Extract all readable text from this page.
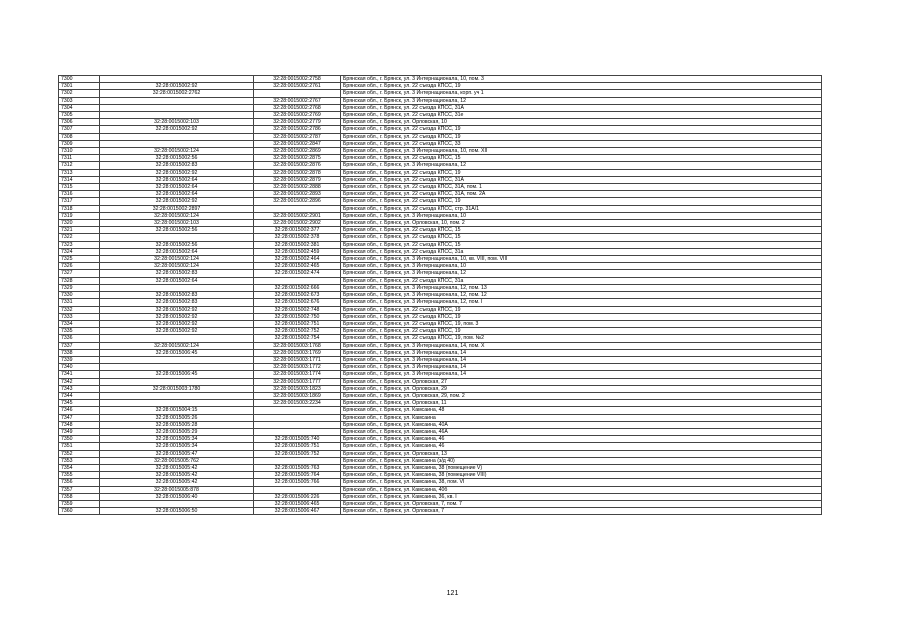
7300		32:28:0015002:2758	Брянская обл., г. Брянск, ул. 3 Интернационала, 10, пом. 3
7301	32:28:0015002:92	32:28:0015002:2761	Брянская обл., г. Брянск, ул. 22 съезда КПСС, 19
7302	32:28:0015002:2762		Брянская обл., г. Брянск, ул. 3 Интернационала, корп. уч 1
7303		32:28:0015002:2767	Брянская обл., г. Брянск, ул. 3 Интернационала, 12
7304		32:28:0015002:2768	Брянская обл., г. Брянск, ул. 22 съезда КПСС, 31А
7305		32:28:0015002:2769	Брянская обл., г. Брянск, ул. 22 съезда КПСС, 31е
7306	32:28:0015002:103	32:28:0015002:2779	Брянская обл., г. Брянск, ул. Орловская, 10
7307	32:28:0015002:92	32:28:0015002:2786	Брянская обл., г. Брянск, ул. 22 съезда КПСС, 19
7308		32:28:0015002:2787	Брянская обл., г. Брянск, ул. 22 съезда КПСС, 19
7309		32:28:0015002:2847	Брянская обл., г. Брянск, ул. 22 съезда КПСС, 33
7310	32:28:0015002:124	32:28:0015002:2869	Брянская обл., г. Брянск, ул. 3 Интернационала, 10, пом. XII
7311	32:28:0015002:56	32:28:0015002:2875	Брянская обл., г. Брянск, ул. 22 съезда КПСС, 15
7312	32:28:0015002:83	32:28:0015002:2876	Брянская обл., г. Брянск, ул. 3 Интернационала, 12
7313	32:28:0015002:92	32:28:0015002:2878	Брянская обл., г. Брянск, ул. 22 съезда КПСС, 19
7314	32:28:0015002:64	32:28:0015002:2879	Брянская обл., г. Брянск, ул. 22 съезда КПСС, 31А
7315	32:28:0015002:64	32:28:0015002:2888	Брянская обл., г. Брянск, ул. 22 съезда КПСС, 31А, пом. 1
7316	32:28:0015002:64	32:28:0015002:2893	Брянская обл., г. Брянск, ул. 22 съезда КПСС, 31А, пом. 2А
7317	32:28:0015002:92	32:28:0015002:2896	Брянская обл., г. Брянск, ул. 22 съезда КПСС, 19
7318	32:28:0015002:2897		Брянская обл., г. Брянск, ул. 22 съезда КПСС, стр. 31А/1
7319	32:28:0015002:124	32:28:0015002:2901	Брянская обл., г. Брянск, ул. 3 Интернационала, 10
7320	32:28:0015002:103	32:28:0015002:2902	Брянская обл., г. Брянск, ул. Орловская, 10, пом. 2
7321	32:28:0015002:56	32:28:0015002:377	Брянская обл., г. Брянск, ул. 22 съезда КПСС, 15
7322		32:28:0015002:378	Брянская обл., г. Брянск, ул. 22 съезда КПСС, 15
7323	32:28:0015002:56	32:28:0015002:381	Брянская обл., г. Брянск, ул. 22 съезда КПСС, 15
7324	32:28:0015002:64	32:28:0015002:459	Брянская обл., г. Брянск, ул. 22 съезда КПСС, 31а
7325	32:28:0015002:124	32:28:0015002:464	Брянская обл., г. Брянск, ул. 3 Интернационала, 10, кв. VIII, пом. VIII
7326	32:28:0015002:124	32:28:0015002:465	Брянская обл., г. Брянск, ул. 3 Интернационала, 10
7327	32:28:0015002:83	32:28:0015002:474	Брянская обл., г. Брянск, ул. 3 Интернационала, 12
7328	32:28:0015002:64		Брянская обл., г. Брянск, ул. 22 съезда КПСС, 31а
7329		32:28:0015002:666	Брянская обл., г. Брянск, ул. 3 Интернационала, 12, пом. 13
7330	32:28:0015002:83	32:28:0015002:673	Брянская обл., г. Брянск, ул. 3 Интернационала, 12, пом. 12
7331	32:28:0015002:83	32:28:0015002:676	Брянская обл., г. Брянск, ул. 3 Интернационала, 12, пом. I
7332	32:28:0015002:92	32:28:0015002:748	Брянская обл., г. Брянск, ул. 22 съезда КПСС, 19
7333	32:28:0015002:92	32:28:0015002:750	Брянская обл., г. Брянск, ул. 22 съезда КПСС, 19
7334	32:28:0015002:92	32:28:0015002:751	Брянская обл., г. Брянск, ул. 22 съезда КПСС, 19, пом. 3
7335	32:28:0015002:92	32:28:0015002:752	Брянская обл., г. Брянск, ул. 22 съезда КПСС, 19
7336		32:28:0015002:754	Брянская обл., г. Брянск, ул. 22 съезда КПСС, 19, пом. №2
7337	32:28:0015002:124	32:28:0015003:1768	Брянская обл., г. Брянск, ул. 3 Интернационала, 14, пом. X
7338	32:28:0015006:45	32:28:0015003:1769	Брянская обл., г. Брянск, ул. 3 Интернационала, 14
7339		32:28:0015003:1771	Брянская обл., г. Брянск, ул. 3 Интернационала, 14
7340		32:28:0015003:1772	Брянская обл., г. Брянск, ул. 3 Интернационала, 14
7341	32:28:0015006:45	32:28:0015003:1774	Брянская обл., г. Брянск, ул. 3 Интернационала, 14
7342		32:28:0015003:1777	Брянская обл., г. Брянск, ул. Орловская, 27
7343	32:28:0015003:1780	32:28:0015003:1823	Брянская обл., г. Брянск, ул. Орловская, 29
7344		32:28:0015003:1869	Брянская обл., г. Брянск, ул. Орловская, 29, пом. 2
7345		32:28:0015003:2234	Брянская обл., г. Брянск, ул. Орловская, 11
7346	32:28:0015004:15		Брянская обл., г. Брянск, ул. Камсаина, 48
7347	32:28:0015005:26		Брянская обл., г. Брянск, ул. Камсаина
7348	32:28:0015005:28		Брянская обл., г. Брянск, ул. Камсаина, 40А
7349	32:28:0015005:29		Брянская обл., г. Брянск, ул. Камсаина, 46А
7350	32:28:0015005:34	32:28:0015005:740	Брянская обл., г. Брянск, ул. Камсаина, 46
7351	32:28:0015005:34	32:28:0015005:751	Брянская обл., г. Брянск, ул. Камсаина, 46
7352	32:28:0015005:47	32:28:0015005:752	Брянская обл., г. Брянск, ул. Орловская, 13
7353	32:28:0015005:762		Брянская обл., г. Брянск, ул. Камсаина (з/д 40)
7354	32:28:0015005:42	32:28:0015005:763	Брянская обл., г. Брянск, ул. Камсаина, 38 (помещение V)
7355	32:28:0015005:42	32:28:0015005:764	Брянская обл., г. Брянск, ул. Камсаина, 38 (помещение VIII)
7356	32:28:0015005:42	32:28:0015005:766	Брянская обл., г. Брянск, ул. Камсаина, 38, пом. VI
7357	32:28:0015005:878		Брянская обл., г. Брянск, ул. Камсаина, 40б
7358	32:28:0015006:40	32:28:0015006:226	Брянская обл., г. Брянск, ул. Камсаина, 36, кв. I
7359		32:28:0015006:465	Брянская обл., г. Брянск, ул. Орловская, 7, пом. 7
7360	32:28:0015006:50	32:28:0015006:467	Брянская обл., г. Брянск, ул. Орловская, 7
121
